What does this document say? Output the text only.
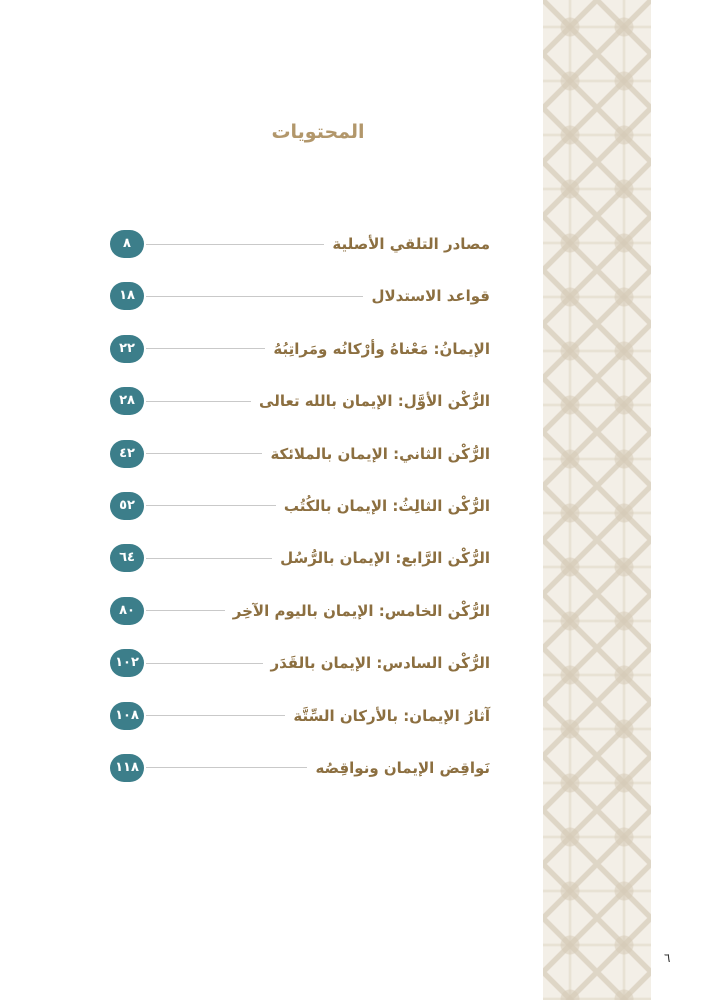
المحتويات
٨	مصادر التلقي الأصلية
١٨	قواعد الاستدلال
٢٢	الإيمانُ: مَعْناهُ وأرْكانُه ومَراتِبُهُ
٢٨	الرُّكْن الأوَّل: الإيمان بالله تعالى
٤٢	الرُّكْن الثاني: الإيمان بالملائكة
٥٢	الرُّكْن الثالِثُ: الإيمان بالكُتُب
٦٤	الرُّكْن الرَّابع: الإيمان بالرُّسُل
٨٠	الرُّكْن الخامس: الإيمان باليوم الآخِر
١٠٢	الرُّكْن السادس: الإيمان بالقَدَر
١٠٨	آثارُ الإيمان: بالأركان السِّتَّة
١١٨	نَواقِض الإيمان ونواقِصُه
٦
